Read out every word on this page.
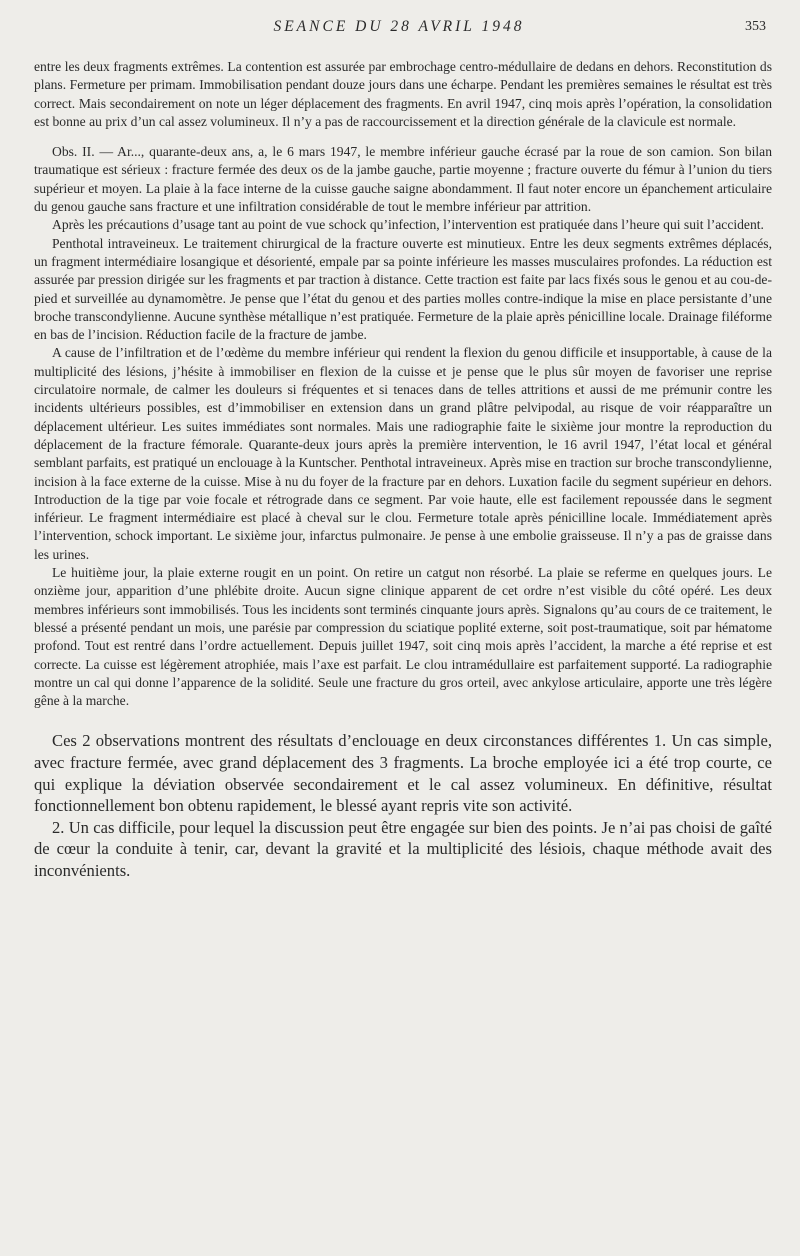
SEANCE DU 28 AVRIL 1948	353

entre les deux fragments extrêmes. La contention est assurée par embrochage centro-médullaire de dedans en dehors. Reconstitution ds plans. Fermeture per primam. Immobilisation pendant douze jours dans une écharpe. Pendant les premières semaines le résultat est très correct. Mais secondairement on note un léger déplacement des fragments. En avril 1947, cinq mois après l’opération, la consolidation est bonne au prix d’un cal assez volumineux. Il n’y a pas de raccourcissement et la direction générale de la clavicule est normale.

Obs. II. — Ar..., quarante-deux ans, a, le 6 mars 1947, le membre inférieur gauche écrasé par la roue de son camion. Son bilan traumatique est sérieux : fracture fermée des deux os de la jambe gauche, partie moyenne ; fracture ouverte du fémur à l’union du tiers supérieur et moyen. La plaie à la face interne de la cuisse gauche saigne abondamment. Il faut noter encore un épanchement articulaire du genou gauche sans fracture et une infiltration considérable de tout le membre inférieur par attrition.

Après les précautions d’usage tant au point de vue schock qu’infection, l’intervention est pratiquée dans l’heure qui suit l’accident.

Penthotal intraveineux. Le traitement chirurgical de la fracture ouverte est minutieux. Entre les deux segments extrêmes déplacés, un fragment intermédiaire losangique et désorienté, empale par sa pointe inférieure les masses musculaires profondes. La réduction est assurée par pression dirigée sur les fragments et par traction à distance. Cette traction est faite par lacs fixés sous le genou et au cou-de-pied et surveillée au dynamomètre. Je pense que l’état du genou et des parties molles contre-indique la mise en place persistante d’une broche transcondylienne. Aucune synthèse métallique n’est pratiquée. Fermeture de la plaie après pénicilline locale. Drainage filéforme en bas de l’incision. Réduction facile de la fracture de jambe.

A cause de l’infiltration et de l’œdème du membre inférieur qui rendent la flexion du genou difficile et insupportable, à cause de la multiplicité des lésions, j’hésite à immobiliser en flexion de la cuisse et je pense que le plus sûr moyen de favoriser une reprise circulatoire normale, de calmer les douleurs si fréquentes et si tenaces dans de telles attritions et aussi de me prémunir contre les incidents ultérieurs possibles, est d’immobiliser en extension dans un grand plâtre pelvipodal, au risque de voir réapparaître un déplacement ultérieur. Les suites immédiates sont normales. Mais une radiographie faite le sixième jour montre la reproduction du déplacement de la fracture fémorale. Quarante-deux jours après la première intervention, le 16 avril 1947, l’état local et général semblant parfaits, est pratiqué un enclouage à la Kuntscher. Penthotal intraveineux. Après mise en traction sur broche transcondylienne, incision à la face externe de la cuisse. Mise à nu du foyer de la fracture par en dehors. Luxation facile du segment supérieur en dehors. Introduction de la tige par voie focale et rétrograde dans ce segment. Par voie haute, elle est facilement repoussée dans le segment inférieur. Le fragment intermédiaire est placé à cheval sur le clou. Fermeture totale après pénicilline locale. Immédiatement après l’intervention, schock important. Le sixième jour, infarctus pulmonaire. Je pense à une embolie graisseuse. Il n’y a pas de graisse dans les urines.

Le huitième jour, la plaie externe rougit en un point. On retire un catgut non résorbé. La plaie se referme en quelques jours. Le onzième jour, apparition d’une phlébite droite. Aucun signe clinique apparent de cet ordre n’est visible du côté opéré. Les deux membres inférieurs sont immobilisés. Tous les incidents sont terminés cinquante jours après. Signalons qu’au cours de ce traitement, le blessé a présenté pendant un mois, une parésie par compression du sciatique poplité externe, soit post-traumatique, soit par hématome profond. Tout est rentré dans l’ordre actuellement. Depuis juillet 1947, soit cinq mois après l’accident, la marche a été reprise et est correcte. La cuisse est légèrement atrophiée, mais l’axe est parfait. Le clou intramédullaire est parfaitement supporté. La radiographie montre un cal qui donne l’apparence de la solidité. Seule une fracture du gros orteil, avec ankylose articulaire, apporte une très légère gêne à la marche.

Ces 2 observations montrent des résultats d’enclouage en deux circonstances différentes 1. Un cas simple, avec fracture fermée, avec grand déplacement des 3 fragments. La broche employée ici a été trop courte, ce qui explique la déviation observée secondairement et le cal assez volumineux. En définitive, résultat fonctionnellement bon obtenu rapidement, le blessé ayant repris vite son activité.

2. Un cas difficile, pour lequel la discussion peut être engagée sur bien des points. Je n’ai pas choisi de gaîté de cœur la conduite à tenir, car, devant la gravité et la multiplicité des lésiois, chaque méthode avait des inconvénients.
